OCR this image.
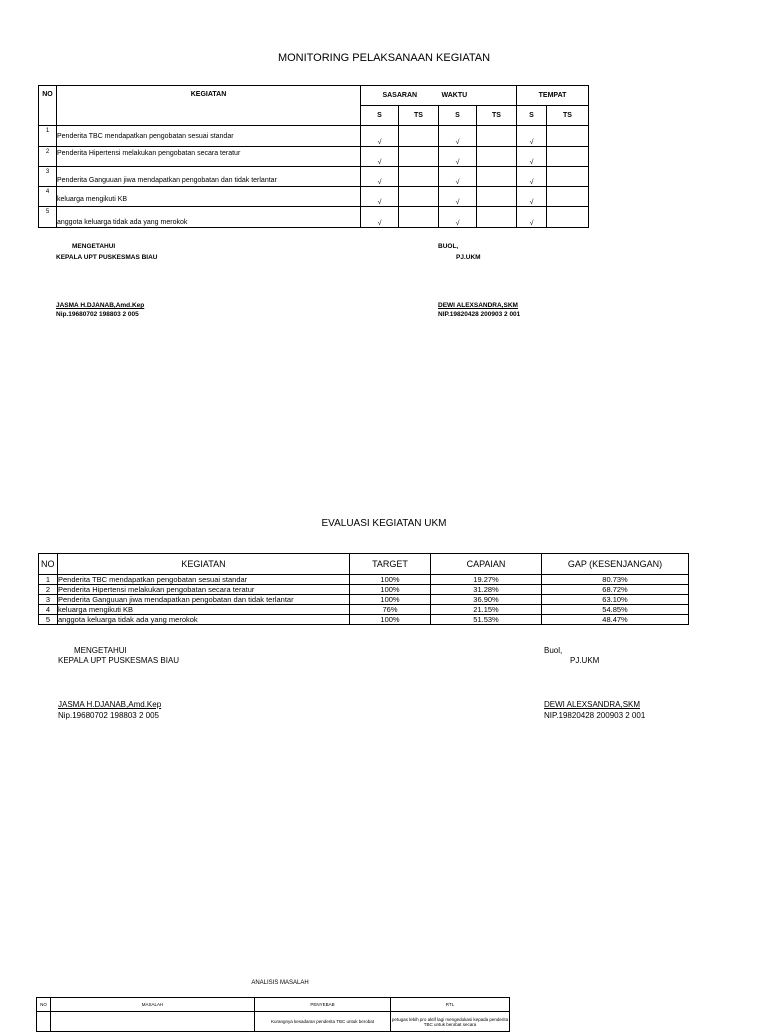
MONITORING PELAKSANAAN KEGIATAN
NO	KEGIATAN	SASARAN		WAKTU		TEMPAT	
		S	TS	S	TS	S	TS
1	Penderita TBC mendapatkan pengobatan sesuai standar	√		√		√	
2	Penderita Hipertensi melakukan pengobatan secara teratur	√		√		√	
3	Penderita Ganguuan jiwa mendapatkan pengobatan dan tidak terlantar	√		√		√	
4	keluarga mengikuti KB	√		√		√	
5	anggota keluarga tidak ada yang merokok	√		√		√	
MENGETAHUI
KEPALA UPT PUSKESMAS BIAU
JASMA H.DJANAB,Amd.Kep
Nip.19680702 198803 2 005
BUOL,
PJ.UKM
DEWI ALEXSANDRA,SKM
NIP.19820428 200903 2 001
EVALUASI KEGIATAN UKM
NO	KEGIATAN	TARGET	CAPAIAN	GAP (KESENJANGAN)
1	Penderita TBC mendapatkan pengobatan sesuai standar	100%	19.27%	80.73%
2	Penderita Hipertensi melakukan pengobatan secara teratur	100%	31.28%	68.72%
3	Penderita Ganguuan jiwa mendapatkan pengobatan dan tidak terlantar	100%	36.90%	63.10%
4	keluarga mengikuti KB	76%	21.15%	54.85%
5	anggota keluarga tidak ada yang merokok	100%	51.53%	48.47%
MENGETAHUI
KEPALA UPT PUSKESMAS BIAU
JASMA H.DJANAB,Amd.Kep
Nip.19680702 198803 2 005
Buol,
PJ.UKM
DEWI ALEXSANDRA,SKM
NIP.19820428 200903 2 001
ANALISIS MASALAH
NO	MASALAH	PENYEBAB	RTL
		Kurangnya kesadaran penderita TBC untuk berobat	petugas lebih pro aktif lagi mengedukasi kepada penderita TBC untuk berobat secara
